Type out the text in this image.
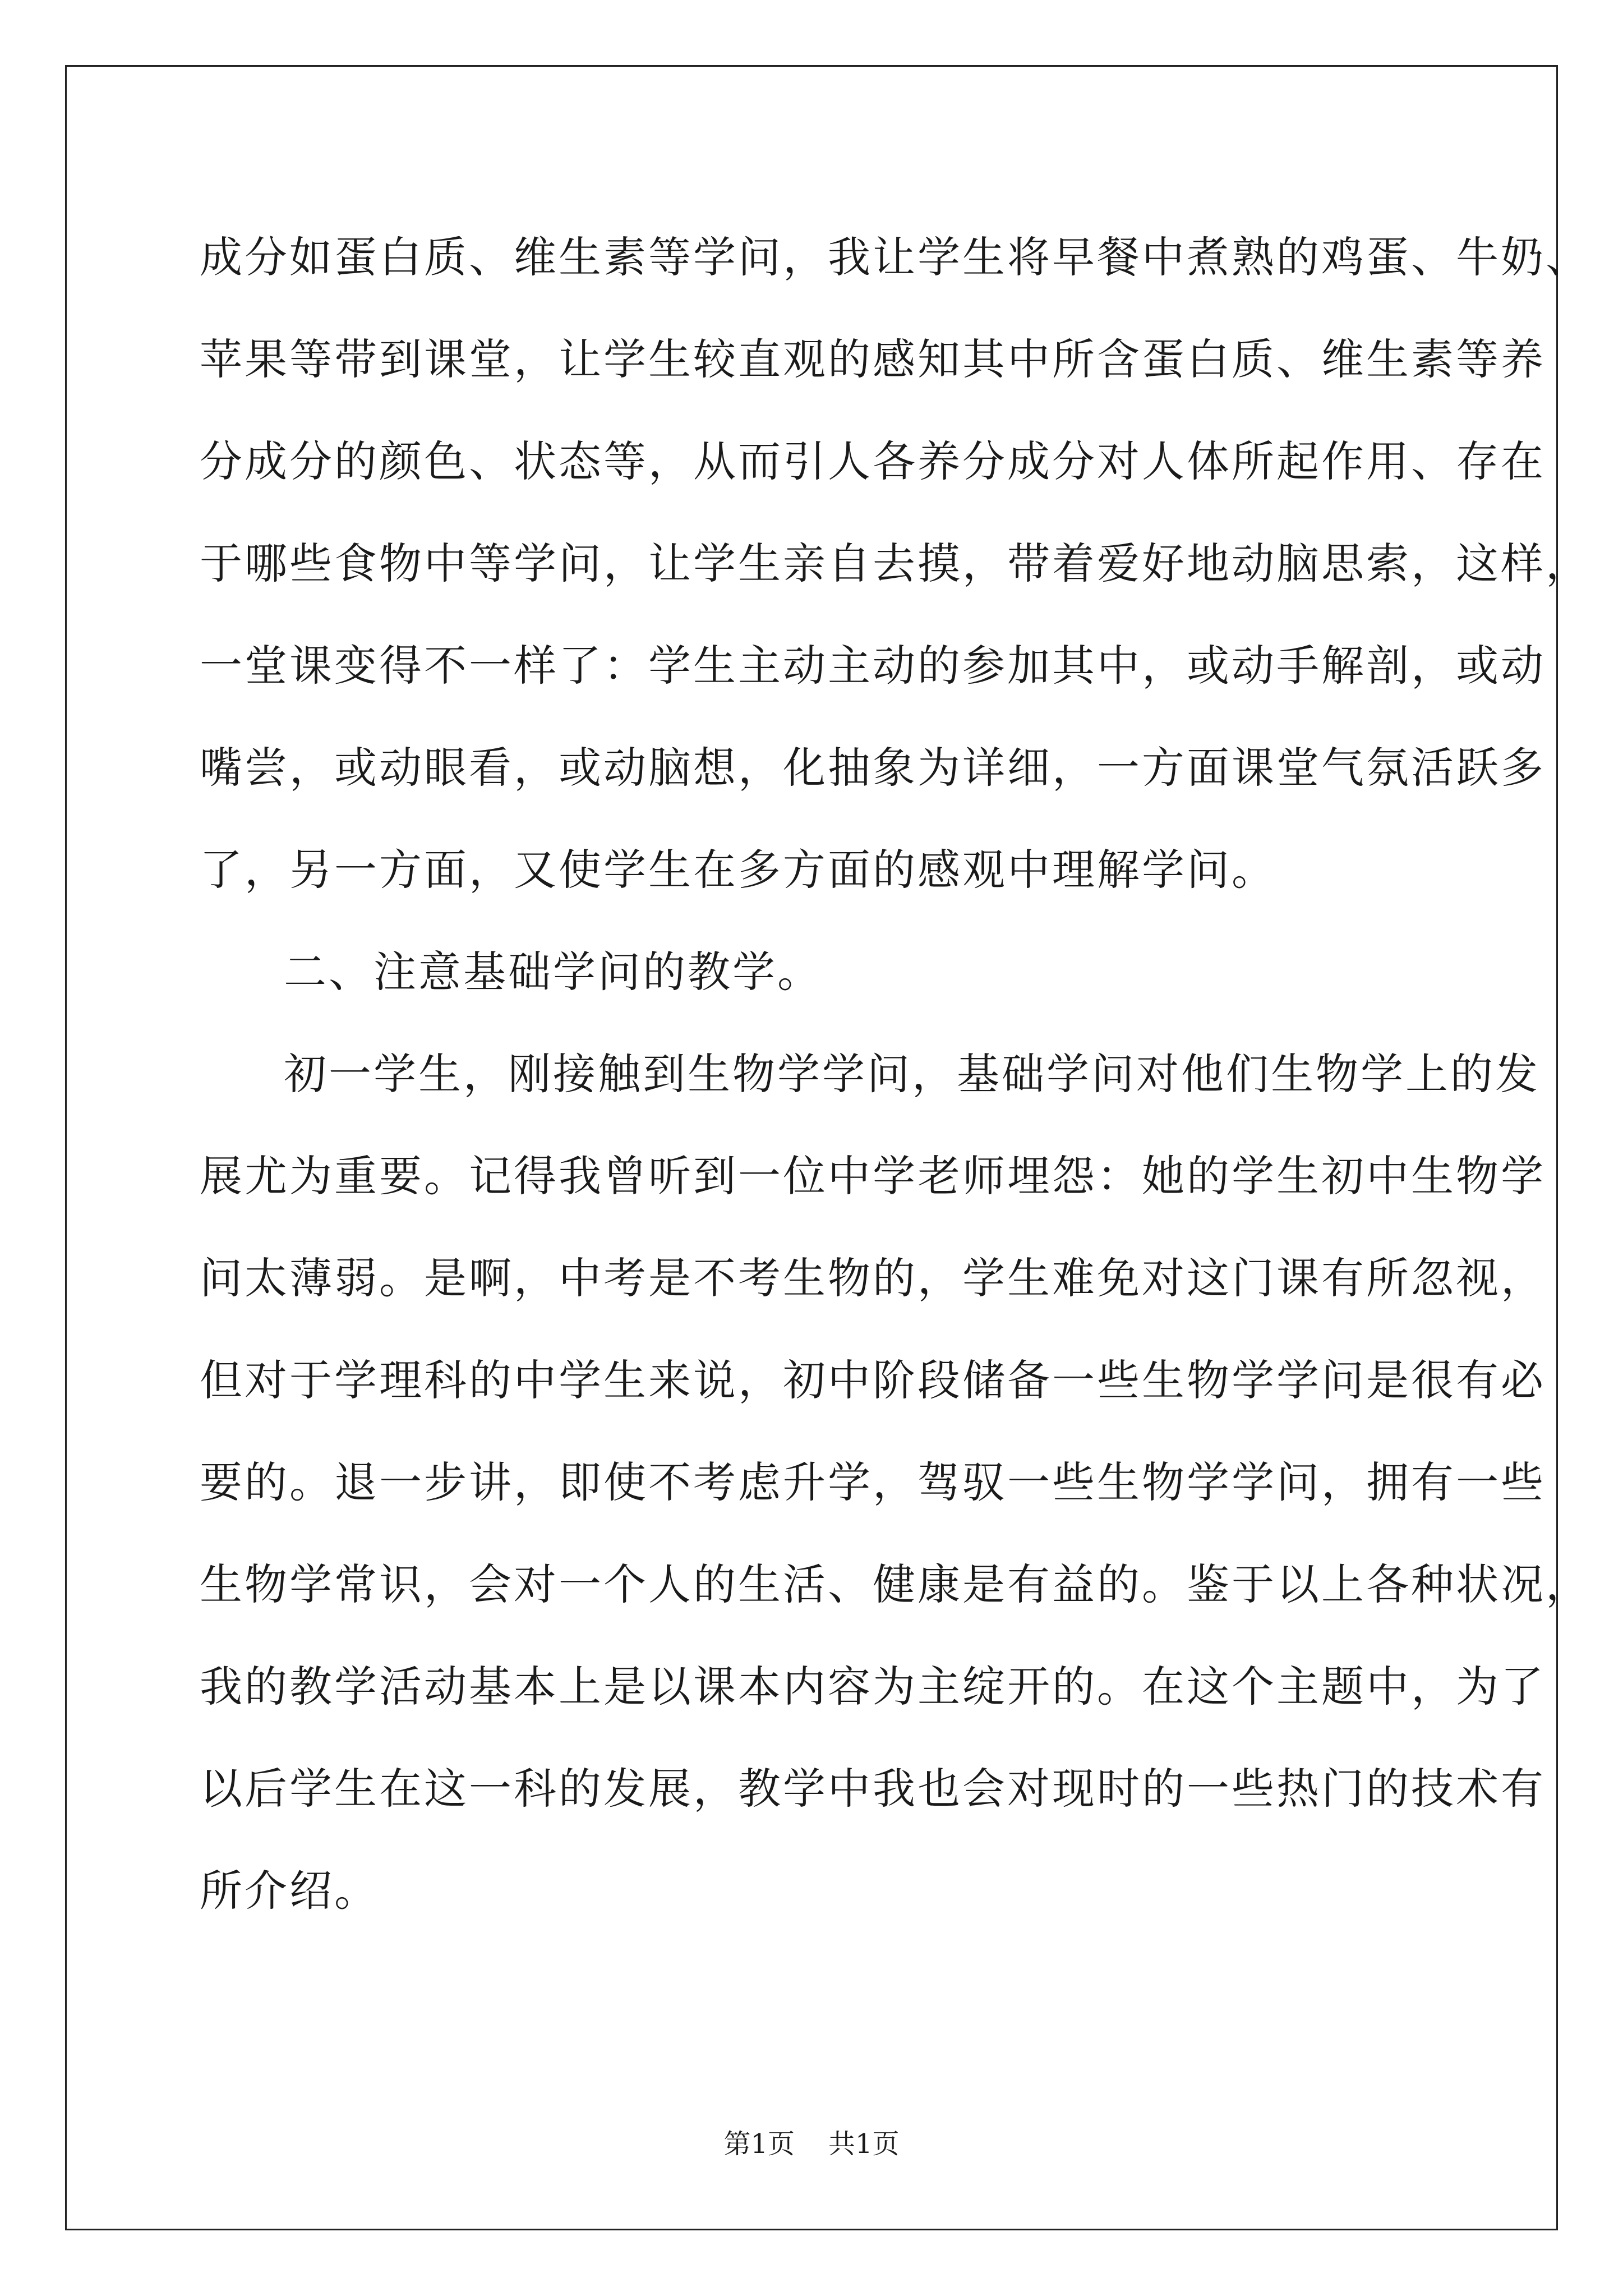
成分如蛋白质、维生素等学问，我让学生将早餐中煮熟的鸡蛋、牛奶、
苹果等带到课堂，让学生较直观的感知其中所含蛋白质、维生素等养
分成分的颜色、状态等，从而引人各养分成分对人体所起作用、存在
于哪些食物中等学问，让学生亲自去摸，带着爱好地动脑思索，这样，
一堂课变得不一样了：学生主动主动的参加其中，或动手解剖，或动
嘴尝，或动眼看，或动脑想，化抽象为详细，一方面课堂气氛活跃多
了，另一方面，又使学生在多方面的感观中理解学问。
二、注意基础学问的教学。
初一学生，刚接触到生物学学问，基础学问对他们生物学上的发
展尤为重要。记得我曾听到一位中学老师埋怨：她的学生初中生物学
问太薄弱。是啊，中考是不考生物的，学生难免对这门课有所忽视，
但对于学理科的中学生来说，初中阶段储备一些生物学学问是很有必
要的。退一步讲，即使不考虑升学，驾驭一些生物学学问，拥有一些
生物学常识，会对一个人的生活、健康是有益的。鉴于以上各种状况，
我的教学活动基本上是以课本内容为主绽开的。在这个主题中，为了
以后学生在这一科的发展，教学中我也会对现时的一些热门的技术有
所介绍。
第1页 共1页
